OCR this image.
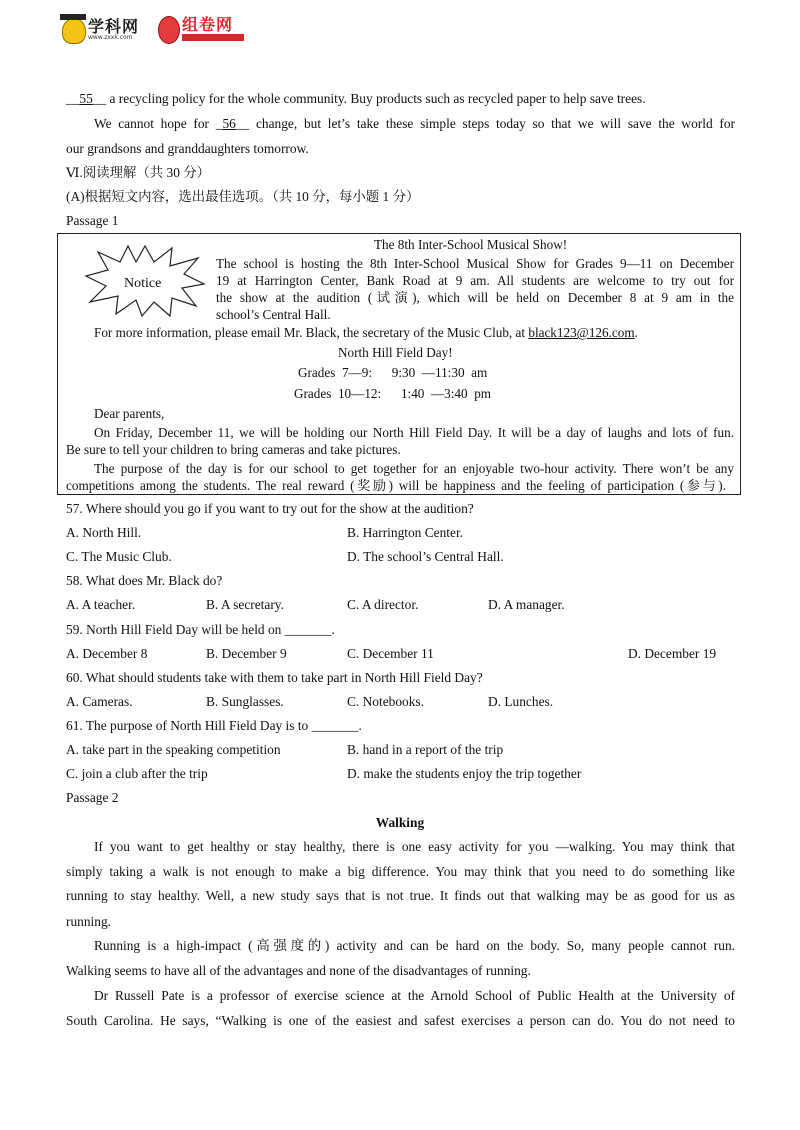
学科网
www.zxxk.com
组卷网
__55__ a recycling policy for the whole community. Buy products such as recycled paper to help save trees.
We cannot hope for _56__ change, but let’s take these simple steps today so that we will save the world for
our grandsons and granddaughters tomorrow.
Ⅵ.阅读理解（共 30 分）
(A)根据短文内容，选出最佳选项。（共 10 分，每小题 1 分）
Passage 1
Notice
The 8th Inter-School Musical Show!
The school is hosting the 8th Inter-School Musical Show for Grades 9—11 on December
19 at Harrington Center, Bank Road at 9 am. All students are welcome to try out for
the show at the audition (试演), which will be held on December 8 at 9 am in the
school’s Central Hall.
For more information, please email Mr. Black, the secretary of the Music Club, at black123@126.com.
North Hill Field Day!
Grades  7—9:      9:30  —11:30  am
Grades  10—12:      1:40  —3:40  pm
Dear parents,
On Friday, December 11, we will be holding our North Hill Field Day. It will be a day of laughs and lots of fun.
Be sure to tell your children to bring cameras and take pictures.
The purpose of the day is for our school to get together for an enjoyable two-hour activity. There won’t be any
competitions among the students. The real reward (奖励) will be happiness and the feeling of participation (参与).
57. Where should you go if you want to try out for the show at the audition?
A. North Hill.	B. Harrington Center.
C. The Music Club.	D. The school’s Central Hall.
58. What does Mr. Black do?
A. A teacher.	B. A secretary.	C. A director.	D. A manager.
59. North Hill Field Day will be held on _______.
A. December 8	B. December 9	C. December 11	D. December 19
60. What should students take with them to take part in North Hill Field Day?
A. Cameras.	B. Sunglasses.	C. Notebooks.	D. Lunches.
61. The purpose of North Hill Field Day is to _______.
A. take part in the speaking competition	B. hand in a report of the trip
C. join a club after the trip	D. make the students enjoy the trip together
Passage 2
Walking
If you want to get healthy or stay healthy, there is one easy activity for you —walking. You may think that
simply taking a walk is not enough to make a big difference. You may think that you need to do something like
running to stay healthy. Well, a new study says that is not true. It finds out that walking may be as good for us as
running.
Running is a high-impact (高强度的) activity and can be hard on the body. So, many people cannot run.
Walking seems to have all of the advantages and none of the disadvantages of running.
Dr Russell Pate is a professor of exercise science at the Arnold School of Public Health at the University of
South Carolina. He says, “Walking is one of the easiest and safest exercises a person can do. You do not need to
